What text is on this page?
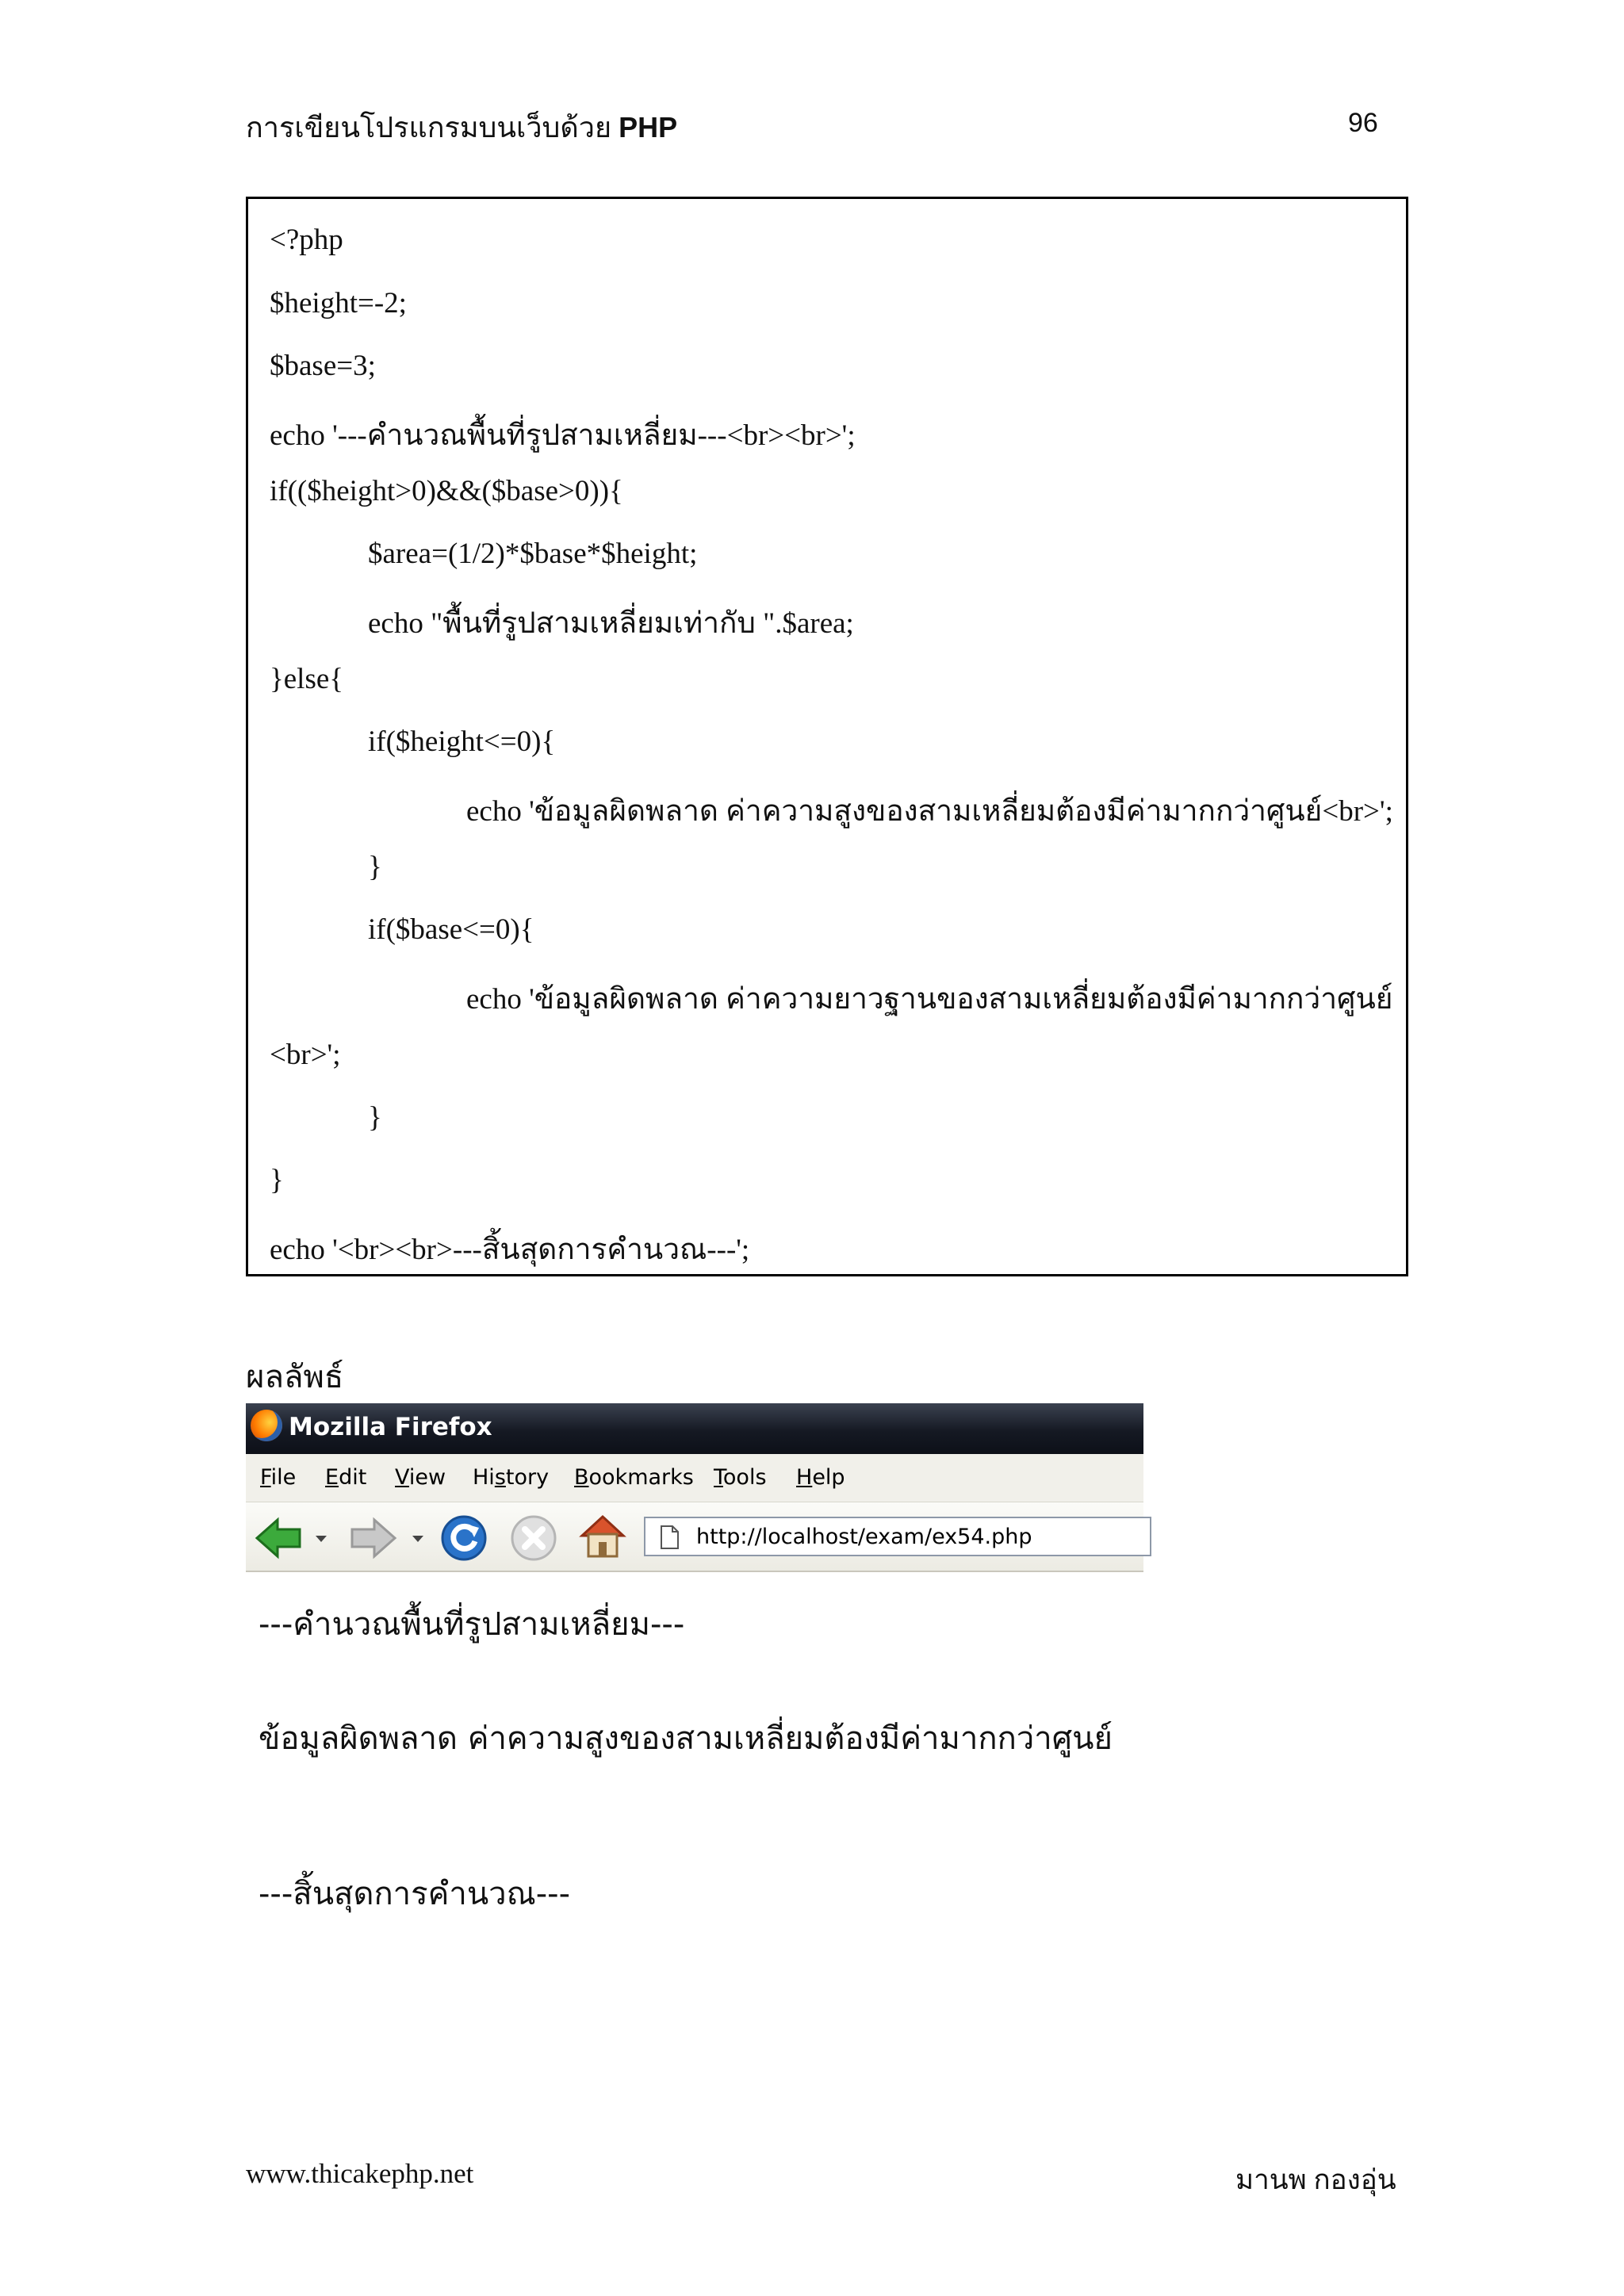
การเขียนโปรแกรมบนเว็บด้วย PHP	96
<?php
$height=-2;
$base=3;
echo '---คำนวณพื้นที่รูปสามเหลี่ยม---<br><br>';
if(($height>0)&&($base>0)){
$area=(1/2)*$base*$height;
echo "พื้นที่รูปสามเหลี่ยมเท่ากับ ".$area;
}else{
if($height<=0){
echo 'ข้อมูลผิดพลาด ค่าความสูงของสามเหลี่ยมต้องมีค่ามากกว่าศูนย์<br>';
}
if($base<=0){
echo 'ข้อมูลผิดพลาด ค่าความยาวฐานของสามเหลี่ยมต้องมีค่ามากกว่าศูนย์
<br>';
}
}
echo '<br><br>---สิ้นสุดการคำนวณ---';
ผลลัพธ์
Mozilla Firefox
File Edit View History Bookmarks Tools Help
http://localhost/exam/ex54.php
---คำนวณพื้นที่รูปสามเหลี่ยม---
ข้อมูลผิดพลาด ค่าความสูงของสามเหลี่ยมต้องมีค่ามากกว่าศูนย์
---สิ้นสุดการคำนวณ---
www.thicakephp.net	มานพ กองอุ่น
